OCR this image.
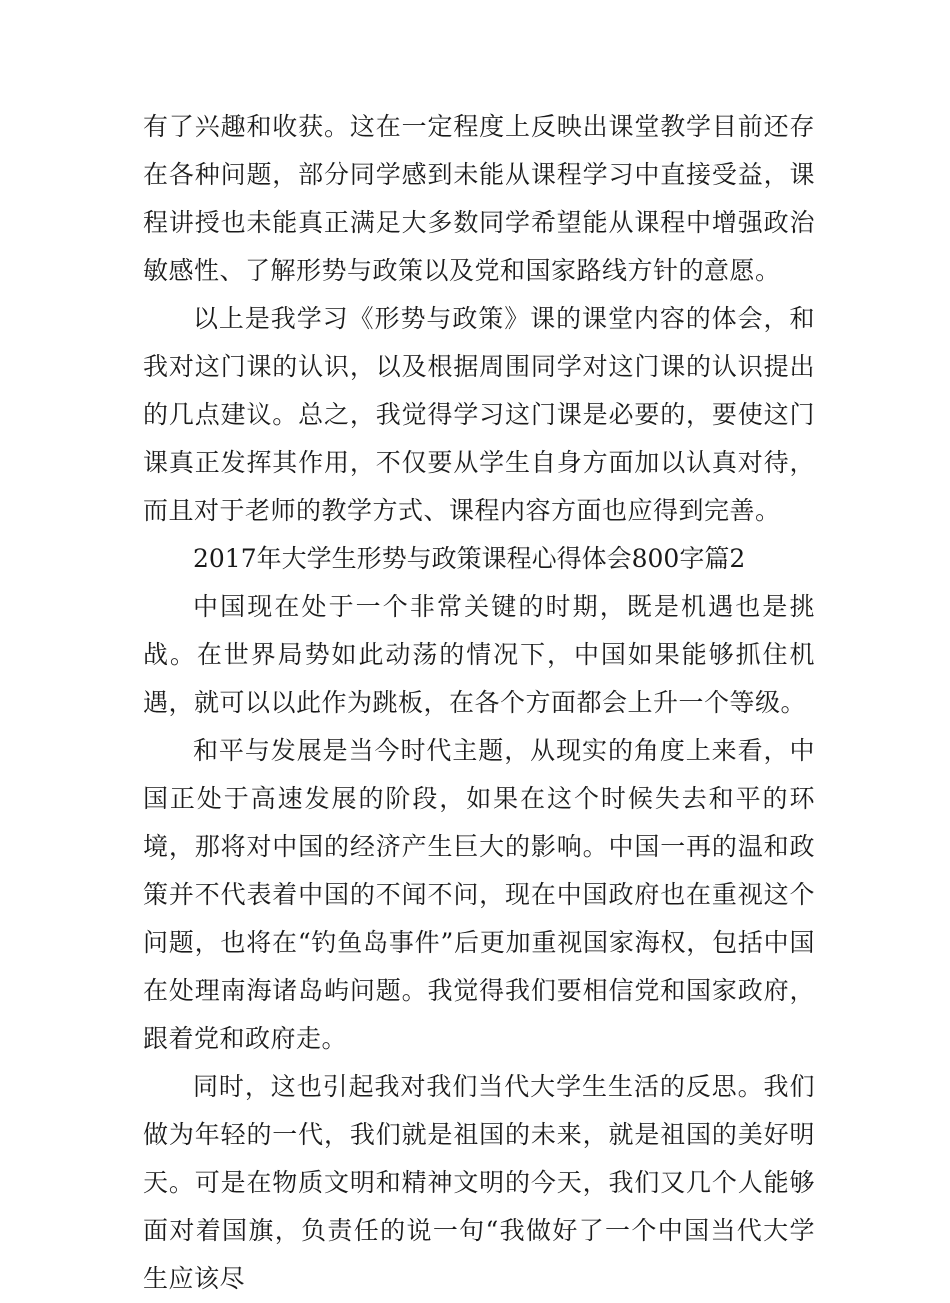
有了兴趣和收获。这在一定程度上反映出课堂教学目前还存在各种问题，部分同学感到未能从课程学习中直接受益，课程讲授也未能真正满足大多数同学希望能从课程中增强政治敏感性、了解形势与政策以及党和国家路线方针的意愿。

以上是我学习《形势与政策》课的课堂内容的体会，和我对这门课的认识，以及根据周围同学对这门课的认识提出的几点建议。总之，我觉得学习这门课是必要的，要使这门课真正发挥其作用，不仅要从学生自身方面加以认真对待，而且对于老师的教学方式、课程内容方面也应得到完善。

2017年大学生形势与政策课程心得体会800字篇2

中国现在处于一个非常关键的时期，既是机遇也是挑战。在世界局势如此动荡的情况下，中国如果能够抓住机遇，就可以以此作为跳板，在各个方面都会上升一个等级。

和平与发展是当今时代主题，从现实的角度上来看，中国正处于高速发展的阶段，如果在这个时候失去和平的环境，那将对中国的经济产生巨大的影响。中国一再的温和政策并不代表着中国的不闻不问，现在中国政府也在重视这个问题，也将在“钓鱼岛事件”后更加重视国家海权，包括中国在处理南海诸岛屿问题。我觉得我们要相信党和国家政府，跟着党和政府走。

同时，这也引起我对我们当代大学生生活的反思。我们做为年轻的一代，我们就是祖国的未来，就是祖国的美好明天。可是在物质文明和精神文明的今天，我们又几个人能够面对着国旗，负责任的说一句“我做好了一个中国当代大学生应该尽
